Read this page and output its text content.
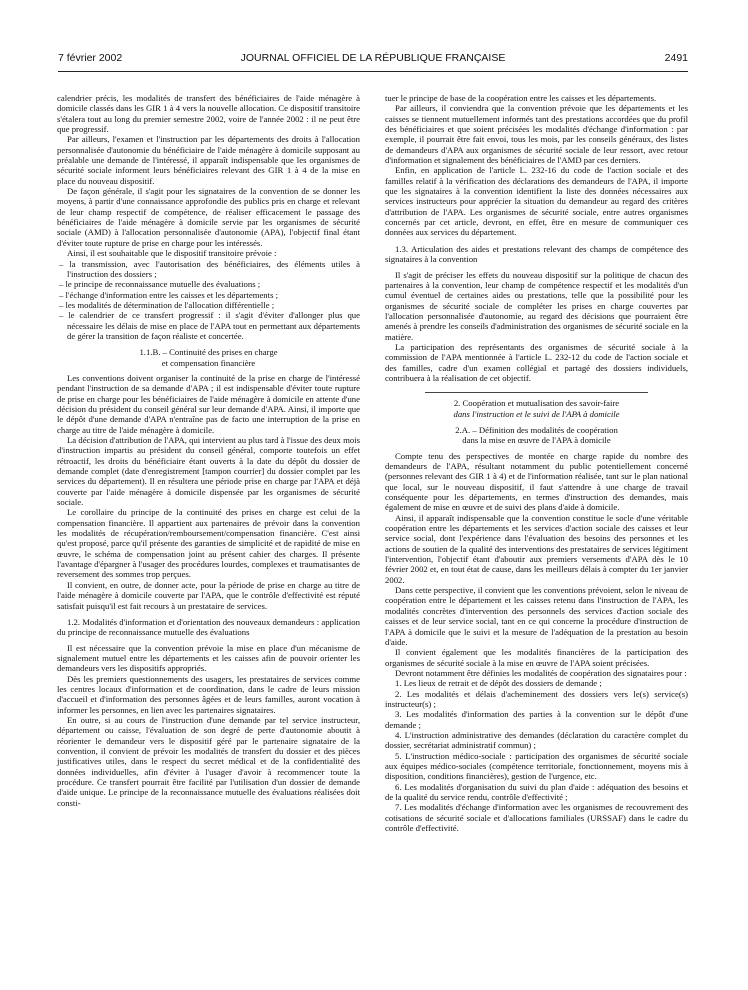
7 février 2002	JOURNAL OFFICIEL DE LA RÉPUBLIQUE FRANÇAISE	2491

calendrier précis, les modalités de transfert des bénéficiaires de l'aide ménagère à domicile classés dans les GIR 1 à 4 vers la nouvelle allocation. Ce dispositif transitoire s'étalera tout au long du premier semestre 2002, voire de l'année 2002 : il ne peut être que progressif.

Par ailleurs, l'examen et l'instruction par les départements des droits à l'allocation personnalisée d'autonomie du bénéficiaire de l'aide ménagère à domicile supposant au préalable une demande de l'intéressé, il apparaît indispensable que les organismes de sécurité sociale informent leurs bénéficiaires relevant des GIR 1 à 4 de la mise en place du nouveau dispositif.

De façon générale, il s'agit pour les signataires de la convention de se donner les moyens, à partir d'une connaissance approfondie des publics pris en charge et relevant de leur champ respectif de compétence, de réaliser efficacement le passage des bénéficiaires de l'aide ménagère à domicile servie par les organismes de sécurité sociale (AMD) à l'allocation personnalisée d'autonomie (APA), l'objectif final étant d'éviter toute rupture de prise en charge pour les intéressés.

Ainsi, il est souhaitable que le dispositif transitoire prévoie :

– la transmission, avec l'autorisation des bénéficiaires, des éléments utiles à l'instruction des dossiers ;

– le principe de reconnaissance mutuelle des évaluations ;

– l'échange d'information entre les caisses et les départements ;

– les modalités de détermination de l'allocation différentielle ;

– le calendrier de ce transfert progressif : il s'agit d'éviter d'allonger plus que nécessaire les délais de mise en place de l'APA tout en permettant aux départements de gérer la transition de façon réaliste et concertée.

1.1.B. – Continuité des prises en charge
et compensation financière

Les conventions doivent organiser la continuité de la prise en charge de l'intéressé pendant l'instruction de sa demande d'APA ; il est indispensable d'éviter toute rupture de prise en charge pour les bénéficiaires de l'aide ménagère à domicile en attente d'une décision du président du conseil général sur leur demande d'APA. Ainsi, il importe que le dépôt d'une demande d'APA n'entraîne pas de facto une interruption de la prise en charge au titre de l'aide ménagère à domicile.

La décision d'attribution de l'APA, qui intervient au plus tard à l'issue des deux mois d'instruction impartis au président du conseil général, comporte toutefois un effet rétroactif, les droits du bénéficiaire étant ouverts à la date du dépôt du dossier de demande complet (date d'enregistrement [tampon courrier] du dossier complet par les services du département). Il en résultera une période prise en charge par l'APA et déjà couverte par l'aide ménagère à domicile dispensée par les organismes de sécurité sociale.

Le corollaire du principe de la continuité des prises en charge est celui de la compensation financière. Il appartient aux partenaires de prévoir dans la convention les modalités de récupération/remboursement/compensation financière. C'est ainsi qu'est proposé, parce qu'il présente des garanties de simplicité et de rapidité de mise en œuvre, le schéma de compensation joint au présent cahier des charges. Il présente l'avantage d'épargner à l'usager des procédures lourdes, complexes et traumatisantes de reversement des sommes trop perçues.

Il convient, en outre, de donner acte, pour la période de prise en charge au titre de l'aide ménagère à domicile couverte par l'APA, que le contrôle d'effectivité est réputé satisfait puisqu'il est fait recours à un prestataire de services.

1.2. Modalités d'information et d'orientation des nouveaux demandeurs : application du principe de reconnaissance mutuelle des évaluations

Il est nécessaire que la convention prévoie la mise en place d'un mécanisme de signalement mutuel entre les départements et les caisses afin de pouvoir orienter les demandeurs vers les dispositifs appropriés.

Dès les premiers questionnements des usagers, les prestataires de services comme les centres locaux d'information et de coordination, dans le cadre de leurs mission d'accueil et d'information des personnes âgées et de leurs familles, auront vocation à informer les personnes, en lien avec les partenaires signataires.

En outre, si au cours de l'instruction d'une demande par tel service instructeur, département ou caisse, l'évaluation de son degré de perte d'autonomie aboutit à réorienter le demandeur vers le dispositif géré par le partenaire signataire de la convention, il convient de prévoir les modalités de transfert du dossier et des pièces justificatives utiles, dans le respect du secret médical et de la confidentialité des données individuelles, afin d'éviter à l'usager d'avoir à recommencer toute la procédure. Ce transfert pourrait être facilité par l'utilisation d'un dossier de demande d'aide unique. Le principe de la reconnaissance mutuelle des évaluations réalisées doit consti-

tuer le principe de base de la coopération entre les caisses et les départements.

Par ailleurs, il conviendra que la convention prévoie que les départements et les caisses se tiennent mutuellement informés tant des prestations accordées que du profil des bénéficiaires et que soient précisées les modalités d'échange d'information : par exemple, il pourrait être fait envoi, tous les mois, par les conseils généraux, des listes de demandeurs d'APA aux organismes de sécurité sociale de leur ressort, avec retour d'information et signalement des bénéficiaires de l'AMD par ces derniers.

Enfin, en application de l'article L. 232-16 du code de l'action sociale et des familles relatif à la vérification des déclarations des demandeurs de l'APA, il importe que les signataires à la convention identifient la liste des données nécessaires aux services instructeurs pour apprécier la situation du demandeur au regard des critères d'attribution de l'APA. Les organismes de sécurité sociale, entre autres organismes concernés par cet article, devront, en effet, être en mesure de communiquer ces données aux services du département.

1.3. Articulation des aides et prestations relevant des champs de compétence des signataires à la convention

Il s'agit de préciser les effets du nouveau dispositif sur la politique de chacun des partenaires à la convention, leur champ de compétence respectif et les modalités d'un cumul éventuel de certaines aides ou prestations, telle que la possibilité pour les organismes de sécurité sociale de compléter les prises en charge couvertes par l'allocation personnalisée d'autonomie, au regard des décisions que pourraient être amenés à prendre les conseils d'administration des organismes de sécurité sociale en la matière.

La participation des représentants des organismes de sécurité sociale à la commission de l'APA mentionnée à l'article L. 232-12 du code de l'action sociale et des familles, cadre d'un examen collégial et partagé des dossiers individuels, contribuera à la réalisation de cet objectif.

2. Coopération et mutualisation des savoir-faire
dans l'instruction et le suivi de l'APA à domicile
2.A. – Définition des modalités de coopération
dans la mise en œuvre de l'APA à domicile

Compte tenu des perspectives de montée en charge rapide du nombre des demandeurs de l'APA, résultant notamment du public potentiellement concerné (personnes relevant des GIR 1 à 4) et de l'information réalisée, tant sur le plan national que local, sur le nouveau dispositif, il faut s'attendre à une charge de travail conséquente pour les départements, en termes d'instruction des demandes, mais également de mise en œuvre et de suivi des plans d'aide à domicile.

Ainsi, il apparaît indispensable que la convention constitue le socle d'une véritable coopération entre les départements et les services d'action sociale des caisses et leur service social, dont l'expérience dans l'évaluation des besoins des personnes et les actions de soutien de la qualité des interventions des prestataires de services légitiment l'intervention, l'objectif étant d'aboutir aux premiers versements d'APA dès le 10 février 2002 et, en tout état de cause, dans les meilleurs délais à compter du 1er janvier 2002.

Dans cette perspective, il convient que les conventions prévoient, selon le niveau de coopération entre le département et les caisses retenu dans l'instruction de l'APA, les modalités concrètes d'intervention des personnels des services d'action sociale des caisses et de leur service social, tant en ce qui concerne la procédure d'instruction de l'APA à domicile que le suivi et la mesure de l'adéquation de la prestation au besoin d'aide.

Il convient également que les modalités financières de la participation des organismes de sécurité sociale à la mise en œuvre de l'APA soient précisées.

Devront notamment être définies les modalités de coopération des signataires pour :

1. Les lieux de retrait et de dépôt des dossiers de demande ;

2. Les modalités et délais d'acheminement des dossiers vers le(s) service(s) instructeur(s) ;

3. Les modalités d'information des parties à la convention sur le dépôt d'une demande ;

4. L'instruction administrative des demandes (déclaration du caractère complet du dossier, secrétariat administratif commun) ;

5. L'instruction médico-sociale : participation des organismes de sécurité sociale aux équipes médico-sociales (compétence territoriale, fonctionnement, moyens mis à disposition, conditions financières), gestion de l'urgence, etc.

6. Les modalités d'organisation du suivi du plan d'aide : adéquation des besoins et de la qualité du service rendu, contrôle d'effectivité ;

7. Les modalités d'échange d'information avec les organismes de recouvrement des cotisations de sécurité sociale et d'allocations familiales (URSSAF) dans le cadre du contrôle d'effectivité.
